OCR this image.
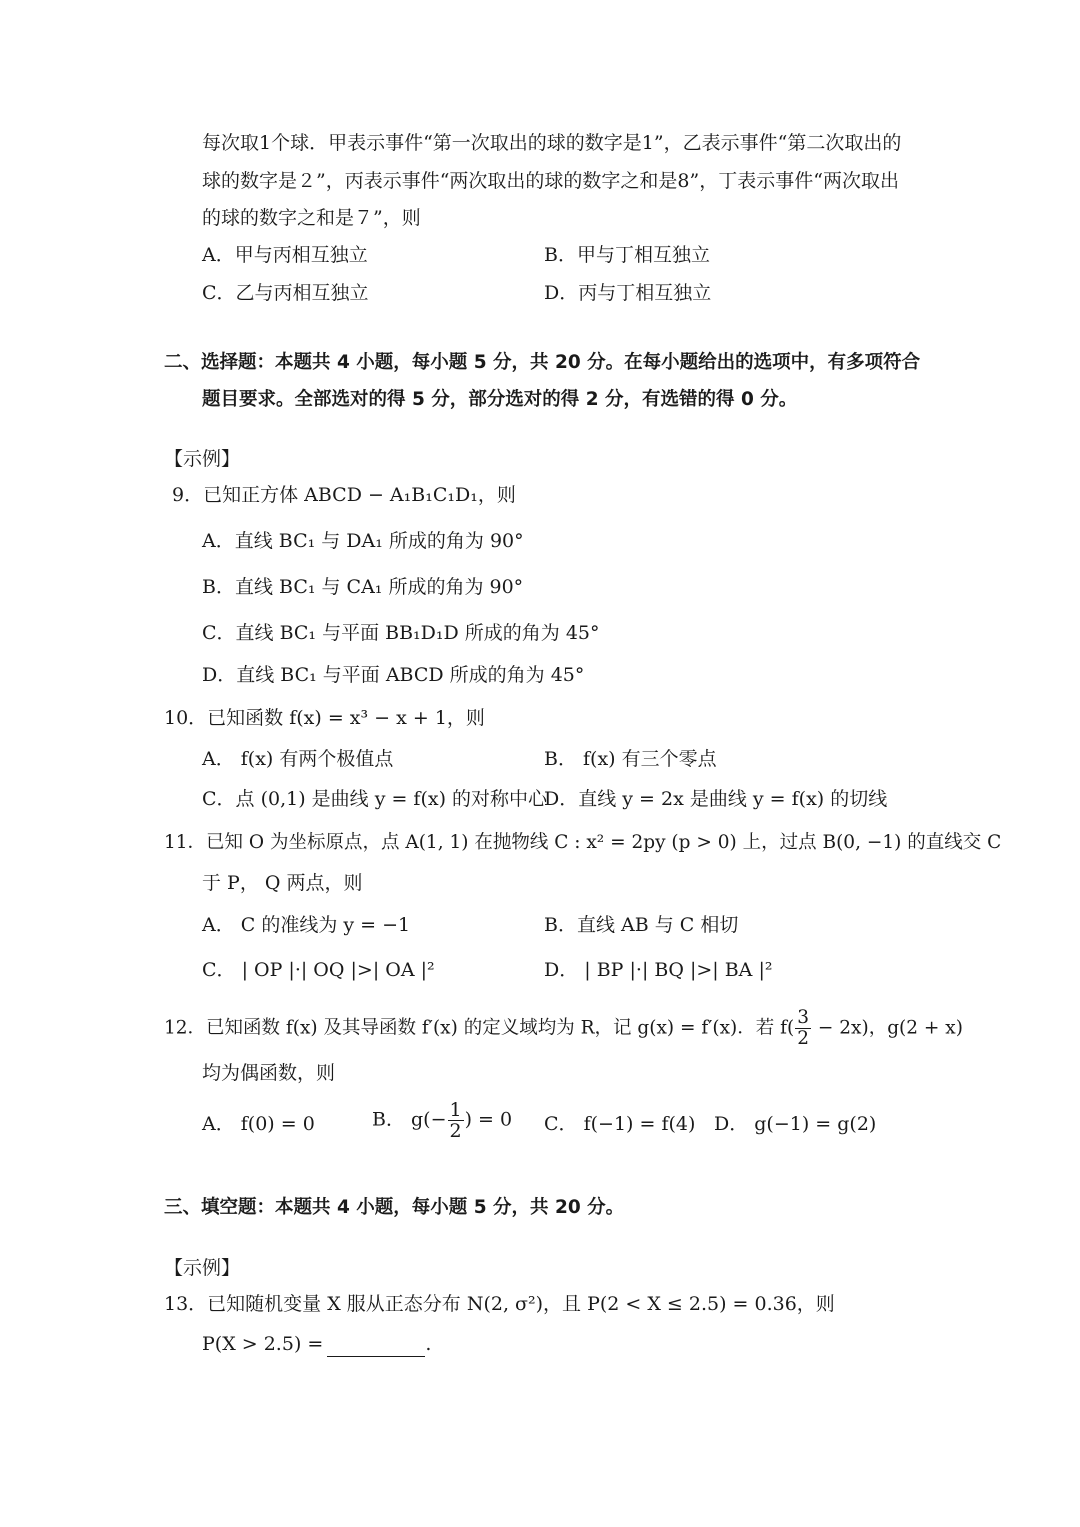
每次取1个球．甲表示事件“第一次取出的球的数字是1”，乙表示事件“第二次取出的
球的数字是２”，丙表示事件“两次取出的球的数字之和是8”，丁表示事件“两次取出
的球的数字之和是７”，则
A．甲与丙相互独立	B．甲与丁相互独立
C．乙与丙相互独立	D．丙与丁相互独立
二、选择题：本题共 4 小题，每小题 5 分，共 20 分。在每小题给出的选项中，有多项符合
题目要求。全部选对的得 5 分，部分选对的得 2 分，有选错的得 0 分。
【示例】
9．已知正方体 ABCD − A₁B₁C₁D₁，则
A．直线 BC₁ 与 DA₁ 所成的角为 90°
B．直线 BC₁ 与 CA₁ 所成的角为 90°
C．直线 BC₁ 与平面 BB₁D₁D 所成的角为 45°
D．直线 BC₁ 与平面 ABCD 所成的角为 45°
10．已知函数 f(x) = x³ − x + 1，则
A． f(x) 有两个极值点	B． f(x) 有三个零点
C．点 (0,1) 是曲线 y = f(x) 的对称中心
D．直线 y = 2x 是曲线 y = f(x) 的切线
11．已知 O 为坐标原点，点 A(1, 1) 在抛物线 C : x² = 2py (p > 0) 上，过点 B(0, −1) 的直线交 C
于 P， Q 两点，则
A． C 的准线为 y = −1	B．直线 AB 与 C 相切
C． | OP |·| OQ |>| OA |²	D． | BP |·| BQ |>| BA |²
12．已知函数 f(x) 及其导函数 f′(x) 的定义域均为 R，记 g(x) = f′(x)．若 $f( \frac{3}{2} - 2x)$，g(2 + x)
均为偶函数，则
A． f(0) = 0	B． $g(- \frac{1}{2}$ ) = 0 C． f(−1) = f(4) D． g(−1) = g(2)
三、填空题：本题共 4 小题，每小题 5 分，共 20 分。
【示例】
13．已知随机变量 X 服从正态分布 N(2, σ²)，且 P(2 < X ≤ 2.5) = 0.36，则
P(X > 2.5) =	.
